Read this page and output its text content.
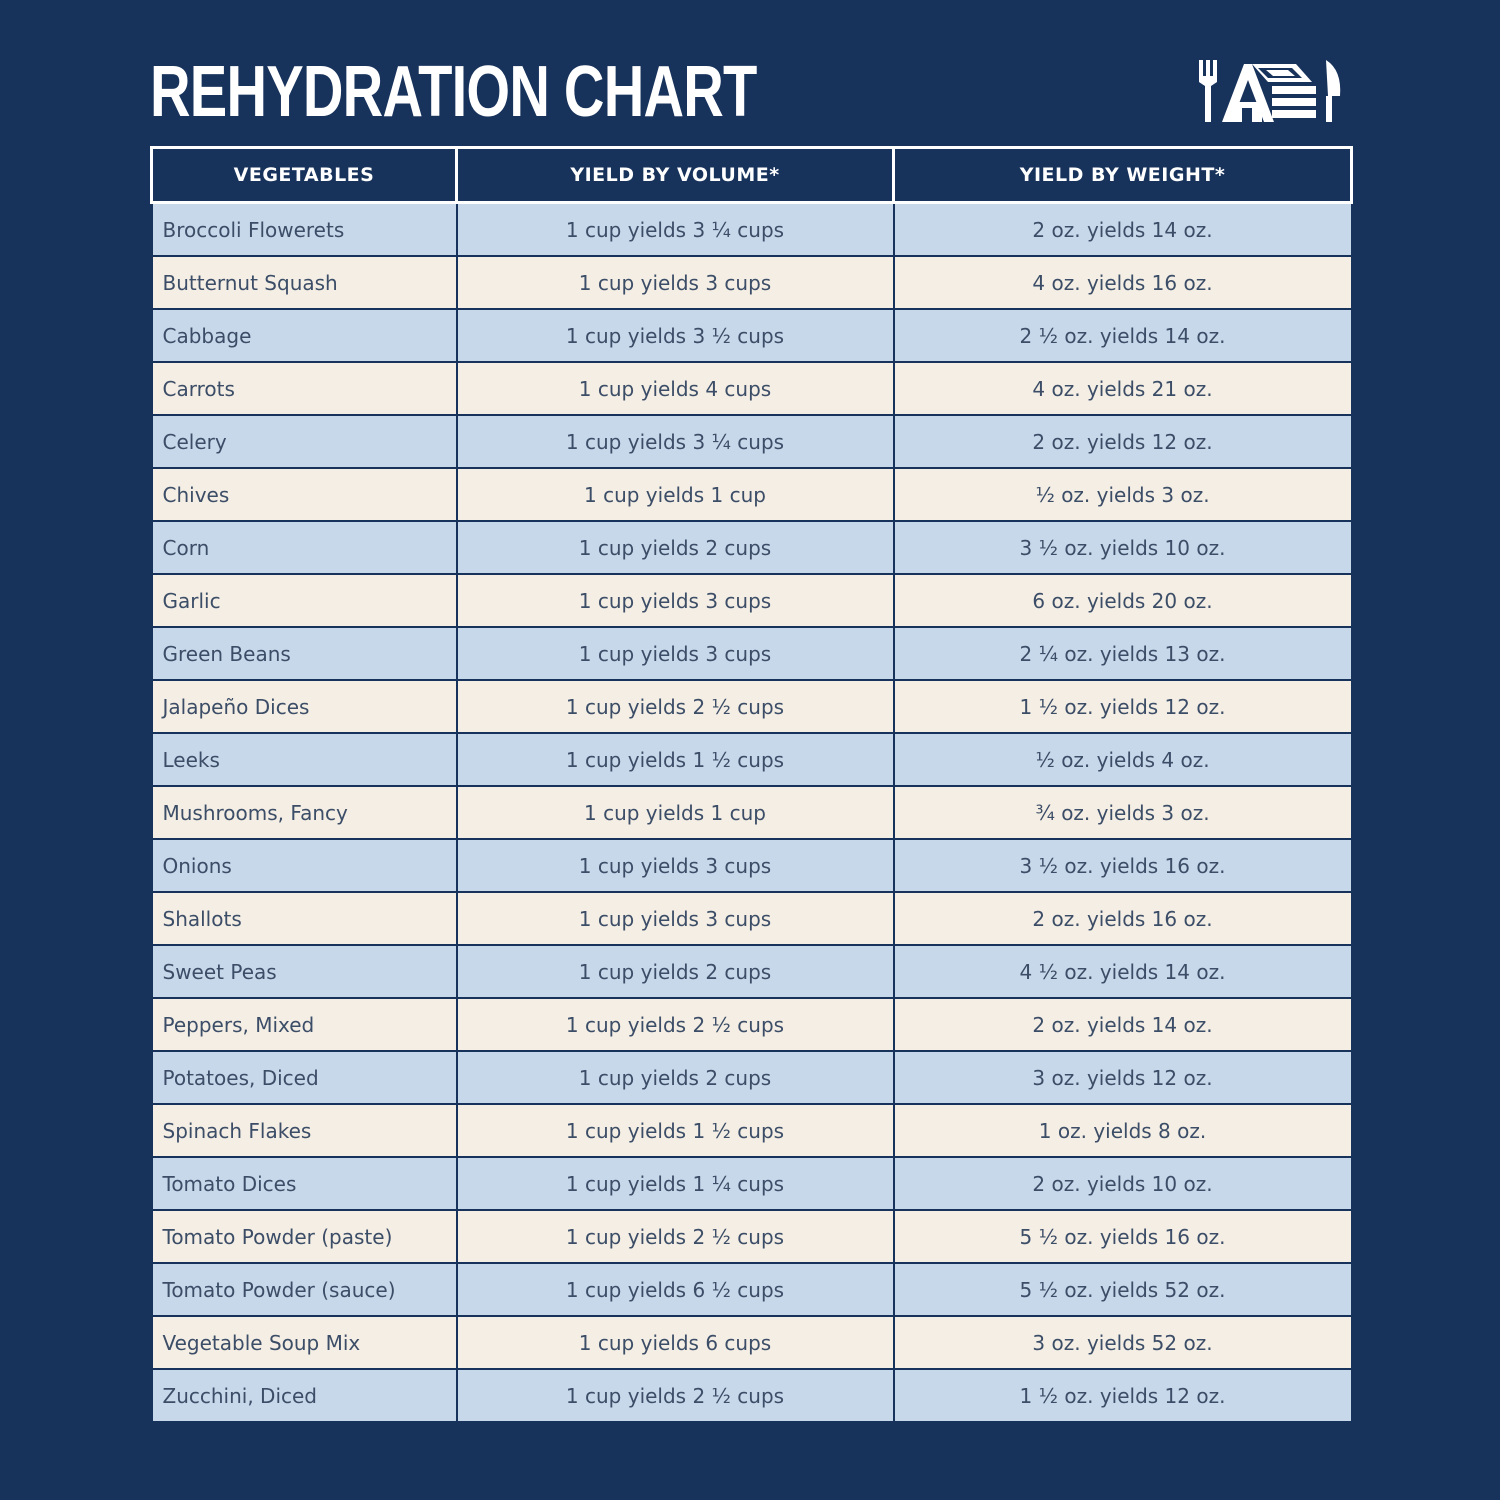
REHYDRATION CHART
VEGETABLES	YIELD BY VOLUME*	YIELD BY WEIGHT*
Broccoli Flowerets	1 cup yields 3 ¼ cups	2 oz. yields 14 oz.
Butternut Squash	1 cup yields 3 cups	4 oz. yields 16 oz.
Cabbage	1 cup yields 3 ½ cups	2 ½ oz. yields 14 oz.
Carrots	1 cup yields 4 cups	4 oz. yields 21 oz.
Celery	1 cup yields 3 ¼ cups	2 oz. yields 12 oz.
Chives	1 cup yields 1 cup	½ oz. yields 3 oz.
Corn	1 cup yields 2 cups	3 ½ oz. yields 10 oz.
Garlic	1 cup yields 3 cups	6 oz. yields 20 oz.
Green Beans	1 cup yields 3 cups	2 ¼ oz. yields 13 oz.
Jalapeño Dices	1 cup yields 2 ½ cups	1 ½ oz. yields 12 oz.
Leeks	1 cup yields 1 ½ cups	½ oz. yields 4 oz.
Mushrooms, Fancy	1 cup yields 1 cup	¾ oz. yields 3 oz.
Onions	1 cup yields 3 cups	3 ½ oz. yields 16 oz.
Shallots	1 cup yields 3 cups	2 oz. yields 16 oz.
Sweet Peas	1 cup yields 2 cups	4 ½ oz. yields 14 oz.
Peppers, Mixed	1 cup yields 2 ½ cups	2 oz. yields 14 oz.
Potatoes, Diced	1 cup yields 2 cups	3 oz. yields 12 oz.
Spinach Flakes	1 cup yields 1 ½ cups	1 oz. yields 8 oz.
Tomato Dices	1 cup yields 1 ¼ cups	2 oz. yields 10 oz.
Tomato Powder (paste)	1 cup yields 2 ½ cups	5 ½ oz. yields 16 oz.
Tomato Powder (sauce)	1 cup yields 6 ½ cups	5 ½ oz. yields 52 oz.
Vegetable Soup Mix	1 cup yields 6 cups	3 oz. yields 52 oz.
Zucchini, Diced	1 cup yields 2 ½ cups	1 ½ oz. yields 12 oz.
